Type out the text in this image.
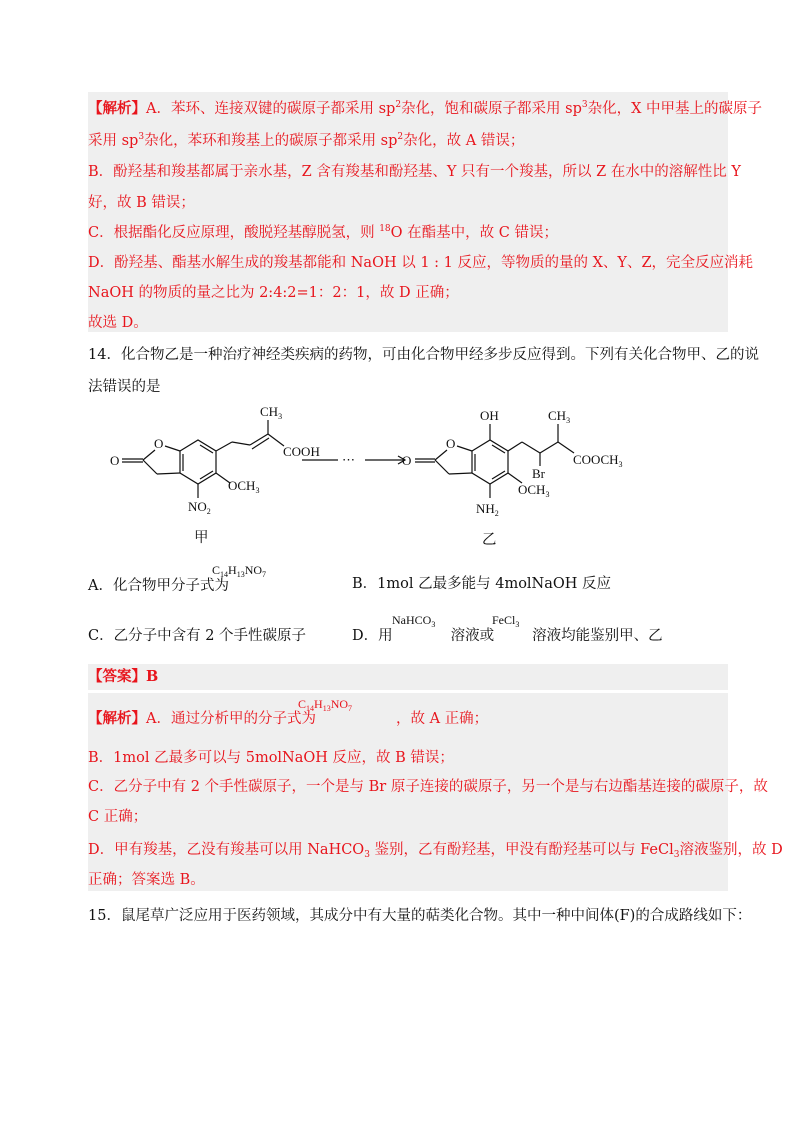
【解析】A．苯环、连接双键的碳原子都采用 $sp^2$杂化，饱和碳原子都采用 $sp^3$杂化，X 中甲基上的碳原子
采用 $sp^3$杂化，苯环和羧基上的碳原子都采用 $sp^2$杂化，故 A 错误；
B．酚羟基和羧基都属于亲水基，Z 含有羧基和酚羟基、Y 只有一个羧基，所以 Z 在水中的溶解性比 Y
好，故 B 错误；
C．根据酯化反应原理，酸脱羟基醇脱氢，则 $^{18}$O 在酯基中，故 C 错误；
D．酚羟基、酯基水解生成的羧基都能和 NaOH 以 1 : 1 反应，等物质的量的 X、Y、Z，完全反应消耗
NaOH 的物质的量之比为 2:4:2=1：2：1，故 D 正确；
故选 D。
14．化合物乙是一种治疗神经类疾病的药物，可由化合物甲经多步反应得到。下列有关化合物甲、乙的说
法错误的是
$CH_3$
COOH
O
O
$OCH_3$
$NO_2$
⋯
OH	$CH_3$
O
O
Br
$COOCH_3$
$OCH_3$
$NH_2$
甲	乙
A．化合物甲分子式为
$C_{14}H_{13}NO_7$
B．1mol 乙最多能与 4molNaOH 反应
C．乙分子中含有 2 个手性碳原子	D．用	溶液或	溶液均能鉴别甲、乙
NaHCO$_3$	FeCl$_3$
【答案】B
【解析】A．通过分析甲的分子式为	，故 A 正确；
$C_{14}H_{13}NO_7$
B．1mol 乙最多可以与 5molNaOH 反应，故 B 错误；
C．乙分子中有 2 个手性碳原子，一个是与 Br 原子连接的碳原子，另一个是与右边酯基连接的碳原子，故
C 正确；
D．甲有羧基，乙没有羧基可以用 NaHCO$_3$ 鉴别，乙有酚羟基，甲没有酚羟基可以与 FeCl$_3$溶液鉴别，故 D
正确；答案选 B。
15．鼠尾草广泛应用于医药领域，其成分中有大量的萜类化合物。其中一种中间体(F)的合成路线如下：
